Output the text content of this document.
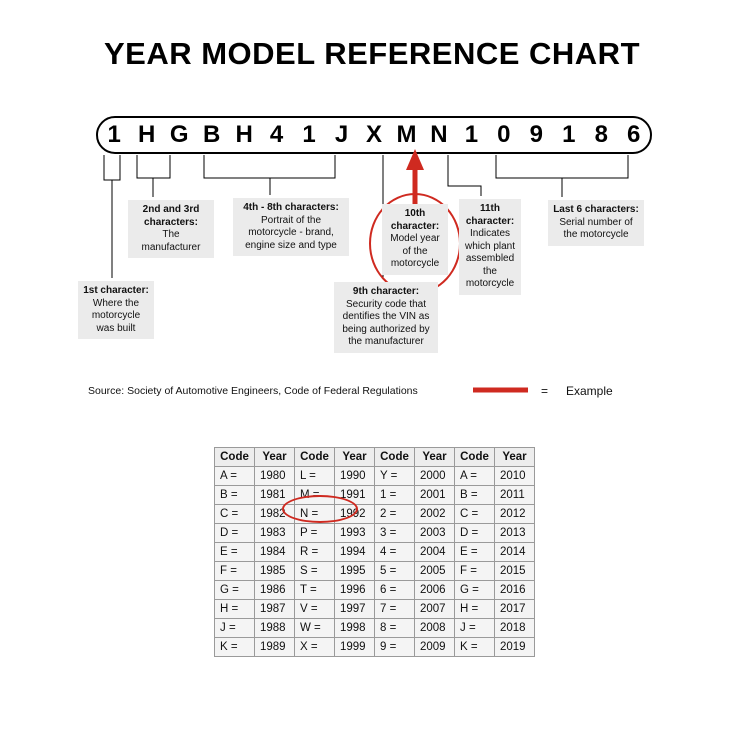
YEAR MODEL REFERENCE CHART
1 H G B H 4 1 J X M N 1 0 9 1 8 6
1st character:
Where the motorcycle was built
2nd and 3rd characters:
The manufacturer
4th - 8th characters:
Portrait of the motorcycle - brand, engine size and type
9th character:
Security code that dentifies the VIN as being authorized by the manufacturer
10th character:
Model year of the motorcycle
11th character:
Indicates which plant assembled the motorcycle
Last 6 characters:
Serial number of the motorcycle
Source: Society of Automotive Engineers, Code of Federal Regulations	= Example
Code	Year	Code	Year	Code	Year	Code	Year
A =	1980	L =	1990	Y =	2000	A =	2010
B =	1981	M =	1991	1 =	2001	B =	2011
C =	1982	N =	1992	2 =	2002	C =	2012
D =	1983	P =	1993	3 =	2003	D =	2013
E =	1984	R =	1994	4 =	2004	E =	2014
F =	1985	S =	1995	5 =	2005	F =	2015
G =	1986	T =	1996	6 =	2006	G =	2016
H =	1987	V =	1997	7 =	2007	H =	2017
J =	1988	W =	1998	8 =	2008	J =	2018
K =	1989	X =	1999	9 =	2009	K =	2019
